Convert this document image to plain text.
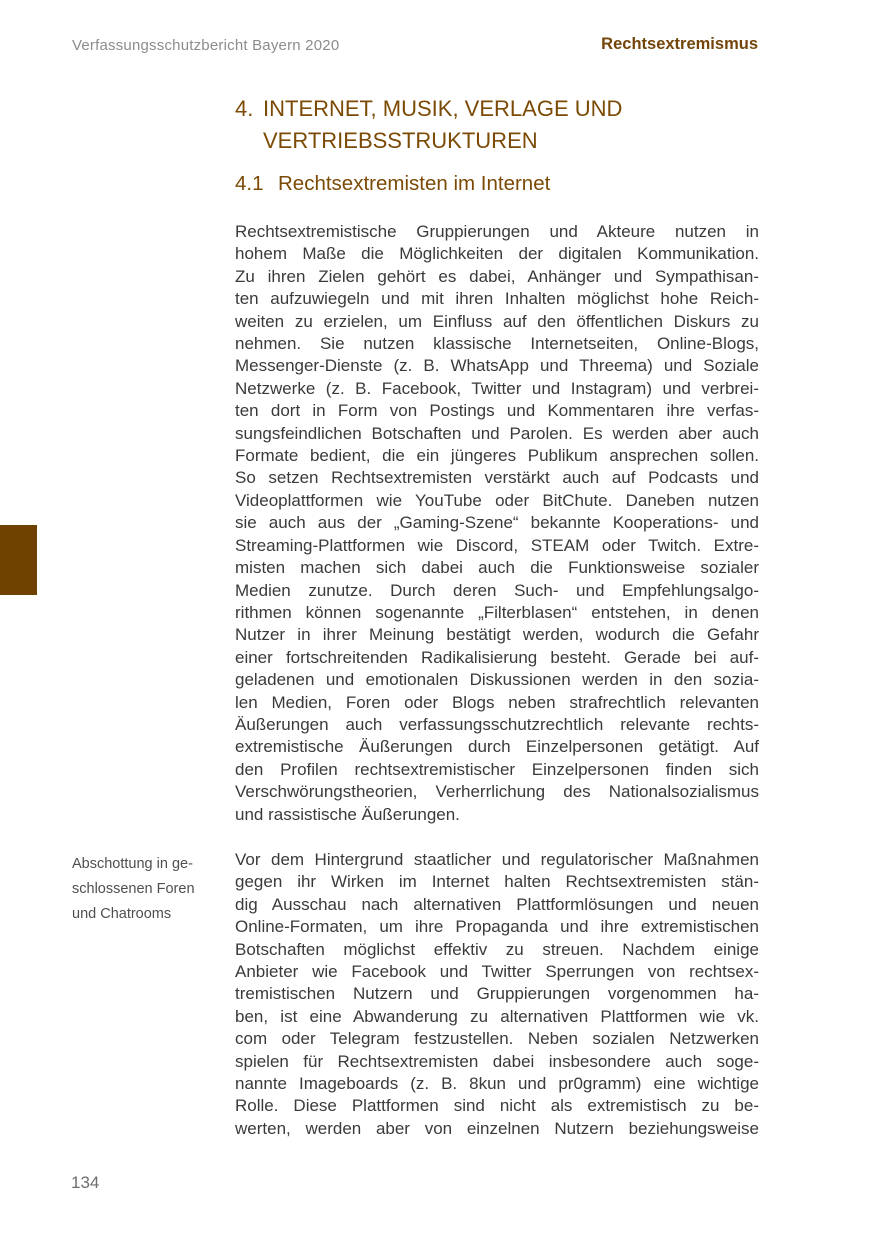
Verfassungsschutzbericht Bayern 2020	Rechtsextremismus
4. INTERNET, MUSIK, VERLAGE UND
VERTRIEBSSTRUKTUREN
4.1 Rechtsextremisten im Internet
Rechtsextremistische Gruppierungen und Akteure nutzen in
hohem Maße die Möglichkeiten der digitalen Kommunikation.
Zu ihren Zielen gehört es dabei, Anhänger und Sympathisan-
ten aufzuwiegeln und mit ihren Inhalten möglichst hohe Reich-
weiten zu erzielen, um Einfluss auf den öffentlichen Diskurs zu
nehmen. Sie nutzen klassische Internetseiten, Online-Blogs,
Messenger-Dienste (z. B. WhatsApp und Threema) und Soziale
Netzwerke (z. B. Facebook, Twitter und Instagram) und verbrei-
ten dort in Form von Postings und Kommentaren ihre verfas-
sungsfeindlichen Botschaften und Parolen. Es werden aber auch
Formate bedient, die ein jüngeres Publikum ansprechen sollen.
So setzen Rechtsextremisten verstärkt auch auf Podcasts und
Videoplattformen wie YouTube oder BitChute. Daneben nutzen
sie auch aus der „Gaming-Szene“ bekannte Kooperations- und
Streaming-Plattformen wie Discord, STEAM oder Twitch. Extre-
misten machen sich dabei auch die Funktionsweise sozialer
Medien zunutze. Durch deren Such- und Empfehlungsalgo-
rithmen können sogenannte „Filterblasen“ entstehen, in denen
Nutzer in ihrer Meinung bestätigt werden, wodurch die Gefahr
einer fortschreitenden Radikalisierung besteht. Gerade bei auf-
geladenen und emotionalen Diskussionen werden in den sozia-
len Medien, Foren oder Blogs neben strafrechtlich relevanten
Äußerungen auch verfassungsschutzrechtlich relevante rechts-
extremistische Äußerungen durch Einzelpersonen getätigt. Auf
den Profilen rechtsextremistischer Einzelpersonen finden sich
Verschwörungstheorien, Verherrlichung des Nationalsozialismus
und rassistische Äußerungen.
Abschottung in ge-
schlossenen Foren
und Chatrooms
Vor dem Hintergrund staatlicher und regulatorischer Maßnahmen
gegen ihr Wirken im Internet halten Rechtsextremisten stän-
dig Ausschau nach alternativen Plattformlösungen und neuen
Online-Formaten, um ihre Propaganda und ihre extremistischen
Botschaften möglichst effektiv zu streuen. Nachdem einige
Anbieter wie Facebook und Twitter Sperrungen von rechtsex-
tremistischen Nutzern und Gruppierungen vorgenommen ha-
ben, ist eine Abwanderung zu alternativen Plattformen wie vk.
com oder Telegram festzustellen. Neben sozialen Netzwerken
spielen für Rechtsextremisten dabei insbesondere auch soge-
nannte Imageboards (z. B. 8kun und pr0gramm) eine wichtige
Rolle. Diese Plattformen sind nicht als extremistisch zu be-
werten, werden aber von einzelnen Nutzern beziehungsweise
134
